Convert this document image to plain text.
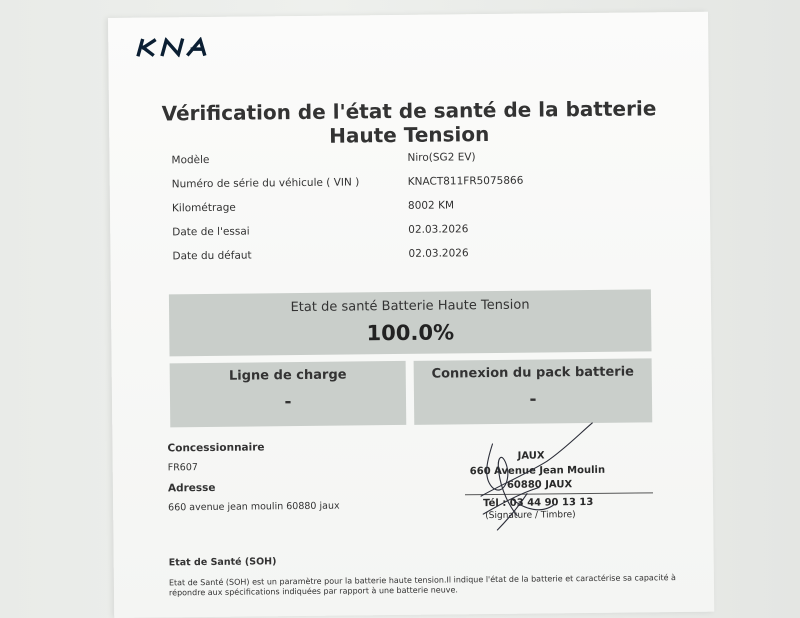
Vérification de l'état de santé de la batterie Haute Tension
Modèle	Niro(SG2 EV)
Numéro de série du véhicule ( VIN )	KNACT811FR5075866
Kilométrage	8002 KM
Date de l'essai	02.03.2026
Date du défaut	02.03.2026
Etat de santé Batterie Haute Tension
100.0%
Ligne de charge
-
Connexion du pack batterie
-
Concessionnaire
FR607
Adresse
660 avenue jean moulin 60880 jaux
JAUX
660 Avenue Jean Moulin
60880 JAUX
Tél : 03 44 90 13 13
(Signature / Timbre)
Etat de Santé (SOH)
Etat de Santé (SOH) est un paramètre pour la batterie haute tension.Il indique l'état de la batterie et caractérise sa capacité à répondre aux spécifications indiquées par rapport à une batterie neuve.
